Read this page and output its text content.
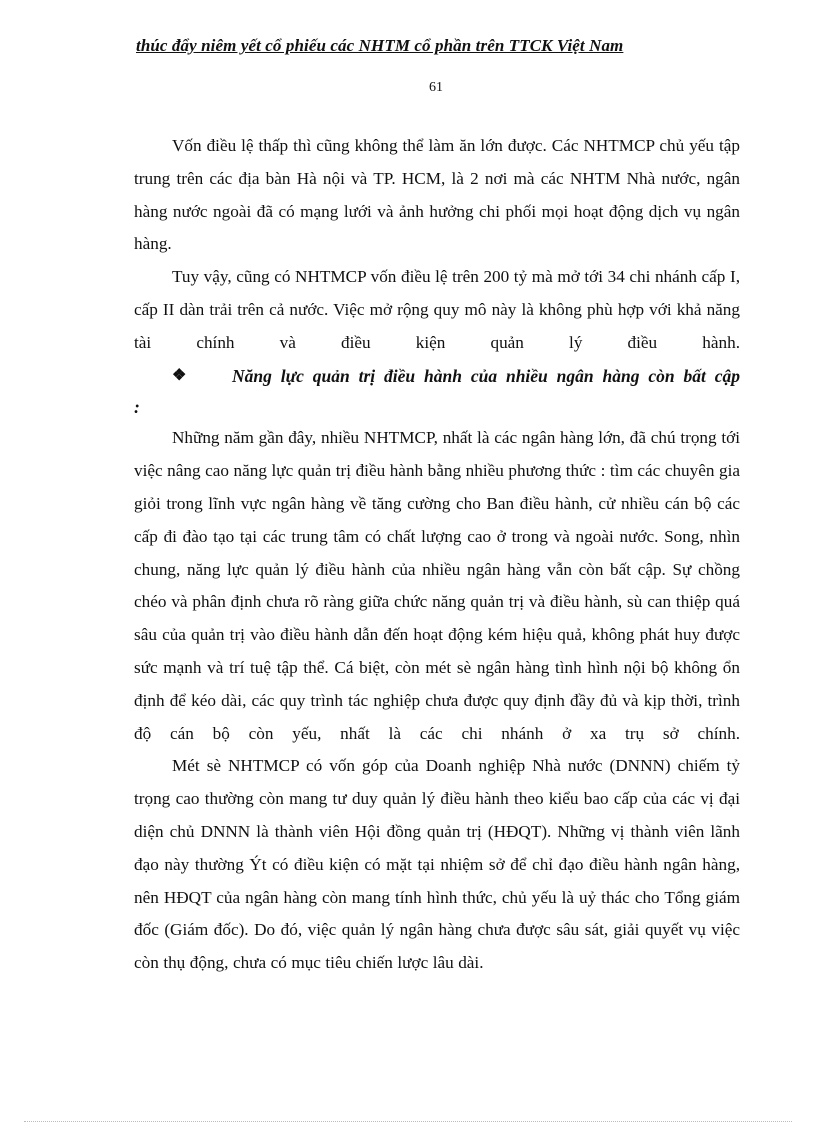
thúc đẩy niêm yết cổ phiếu các NHTM cổ phần trên TTCK Việt Nam
61

Vốn điều lệ thấp thì cũng không thể làm ăn lớn được. Các NHTMCP chủ yếu tập trung trên các địa bàn Hà nội và TP. HCM, là 2 nơi mà các NHTM Nhà nước, ngân hàng nước ngoài đã có mạng lưới và ảnh hưởng chi phối mọi hoạt động dịch vụ ngân hàng.

Tuy vậy, cũng có NHTMCP vốn điều lệ trên 200 tỷ mà mở tới 34 chi nhánh cấp I, cấp II dàn trải trên cả nước. Việc mở rộng quy mô này là không phù hợp với khả năng tài chính và điều kiện quản lý điều hành.

❖	Năng lực quản trị điều hành của nhiều ngân hàng còn bất cập

:

Những năm gần đây, nhiều NHTMCP, nhất là các ngân hàng lớn, đã chú trọng tới việc nâng cao năng lực quản trị điều hành bằng nhiều phương thức : tìm các chuyên gia giỏi trong lĩnh vực ngân hàng về tăng cường cho Ban điều hành, cử nhiều cán bộ các cấp đi đào tạo tại các trung tâm có chất lượng cao ở trong và ngoài nước. Song, nhìn chung, năng lực quản lý điều hành của nhiều ngân hàng vẫn còn bất cập. Sự chồng chéo và phân định chưa rõ ràng giữa chức năng quản trị và điều hành, sù can thiệp quá sâu của quản trị vào điều hành dẫn đến hoạt động kém hiệu quả, không phát huy được sức mạnh và trí tuệ tập thể. Cá biệt, còn mét sè ngân hàng tình hình nội bộ không ổn định để kéo dài, các quy trình tác nghiệp chưa được quy định đầy đủ và kịp thời, trình độ cán bộ còn yếu, nhất là các chi nhánh ở xa trụ sở chính.

Mét sè NHTMCP có vốn góp của Doanh nghiệp Nhà nước (DNNN) chiếm tỷ trọng cao thường còn mang tư duy quản lý điều hành theo kiểu bao cấp của các vị đại diện chủ DNNN là thành viên Hội đồng quản trị (HĐQT). Những vị thành viên lãnh đạo này thường Ýt có điều kiện có mặt tại nhiệm sở để chỉ đạo điều hành ngân hàng, nên HĐQT của ngân hàng còn mang tính hình thức, chủ yếu là uỷ thác cho Tổng giám đốc (Giám đốc). Do đó, việc quản lý ngân hàng chưa được sâu sát, giải quyết vụ việc còn thụ động, chưa có mục tiêu chiến lược lâu dài.
